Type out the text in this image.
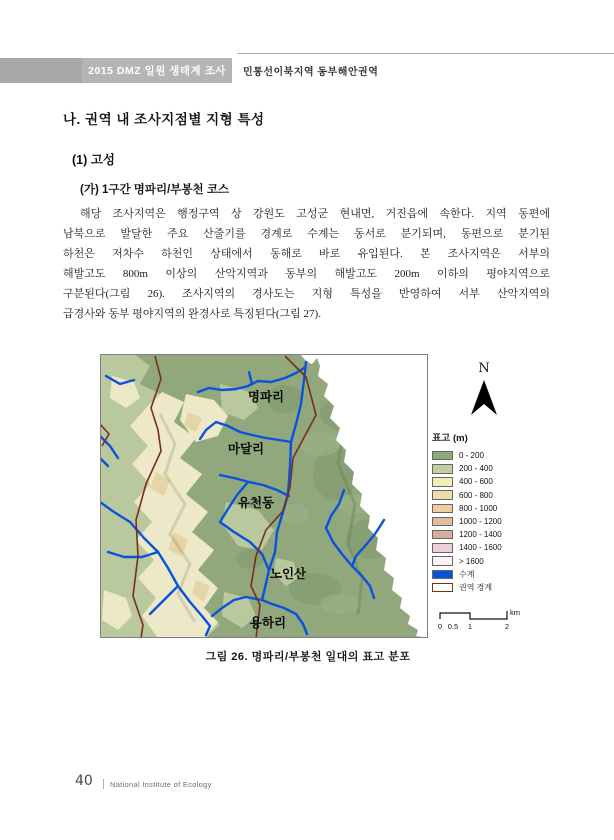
2015 DMZ 일원 생태계 조사 민통선이북지역 동부해안권역
나. 권역 내 조사지점별 지형 특성
(1) 고성
(가) 1구간 명파리/부봉천 코스
해당 조사지역은 행정구역 상 강원도 고성군 현내면, 거진읍에 속한다. 지역 동편에
남북으로 발달한 주요 산줄기를 경계로 수계는 동서로 분기되며, 동편으로 분기된
하천은 저차수 하천인 상태에서 동해로 바로 유입된다. 본 조사지역은 서부의
해발고도 800m 이상의 산악지역과 동부의 해발고도 200m 이하의 평야지역으로
구분된다(그림 26). 조사지역의 경사도는 지형 특성을 반영하여 서부 산악지역의
급경사와 동부 평야지역의 완경사로 특징된다(그림 27).
명파리
마달리
유천동
노인산
용하리
N
표고 (m)
0 - 200
200 - 400
400 - 600
600 - 800
800 - 1000
1000 - 1200
1200 - 1400
1400 - 1600
> 1600
수계
권역 경계
0 0.5 1	2
km
그림 26. 명파리/부봉천 일대의 표고 분포
40 National Institute of Ecology
